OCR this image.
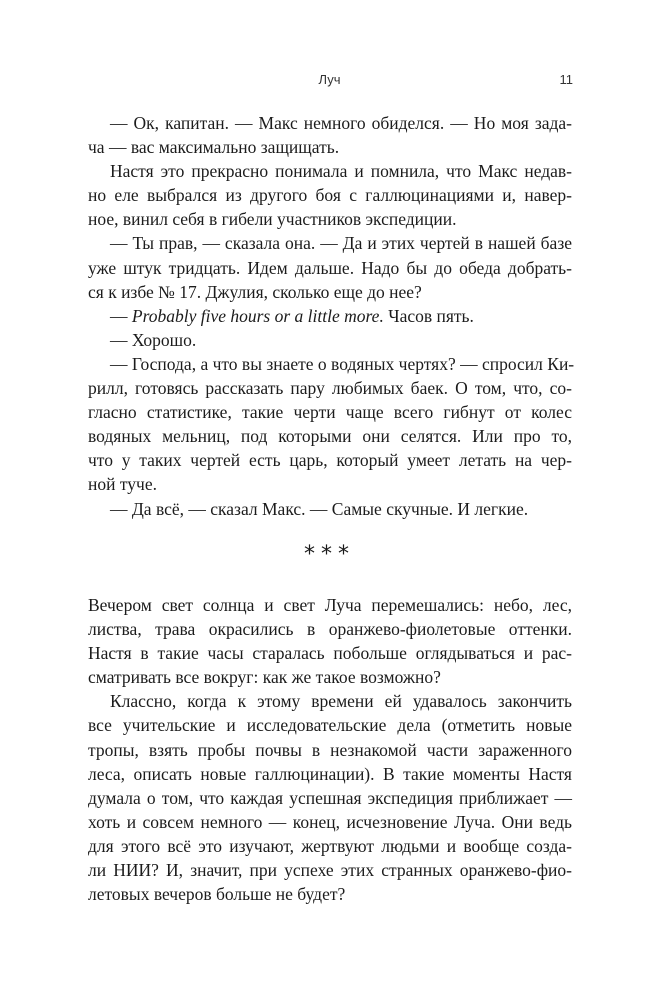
Луч	11
— Ок, капитан. — Макс немного обиделся. — Но моя зада-
ча — вас максимально защищать.
Настя это прекрасно понимала и помнила, что Макс недав-
но еле выбрался из другого боя с галлюцинациями и, навер-
ное, винил себя в гибели участников экспедиции.
— Ты прав, — сказала она. — Да и этих чертей в нашей базе
уже штук тридцать. Идем дальше. Надо бы до обеда добрать-
ся к избе № 17. Джулия, сколько еще до нее?
— Probably five hours or a little more. Часов пять.
— Хорошо.
— Господа, а что вы знаете о водяных чертях? — спросил Ки-
рилл, готовясь рассказать пару любимых баек. О том, что, со-
гласно статистике, такие черти чаще всего гибнут от колес
водяных мельниц, под которыми они селятся. Или про то,
что у таких чертей есть царь, который умеет летать на чер-
ной туче.
— Да всё, — сказал Макс. — Самые скучные. И легкие.
***
Вечером свет солнца и свет Луча перемешались: небо, лес,
листва, трава окрасились в оранжево-фиолетовые оттенки.
Настя в такие часы старалась побольше оглядываться и рас-
сматривать все вокруг: как же такое возможно?
Классно, когда к этому времени ей удавалось закончить
все учительские и исследовательские дела (отметить новые
тропы, взять пробы почвы в незнакомой части зараженного
леса, описать новые галлюцинации). В такие моменты Настя
думала о том, что каждая успешная экспедиция приближает —
хоть и совсем немного — конец, исчезновение Луча. Они ведь
для этого всё это изучают, жертвуют людьми и вообще созда-
ли НИИ? И, значит, при успехе этих странных оранжево-фио-
летовых вечеров больше не будет?
